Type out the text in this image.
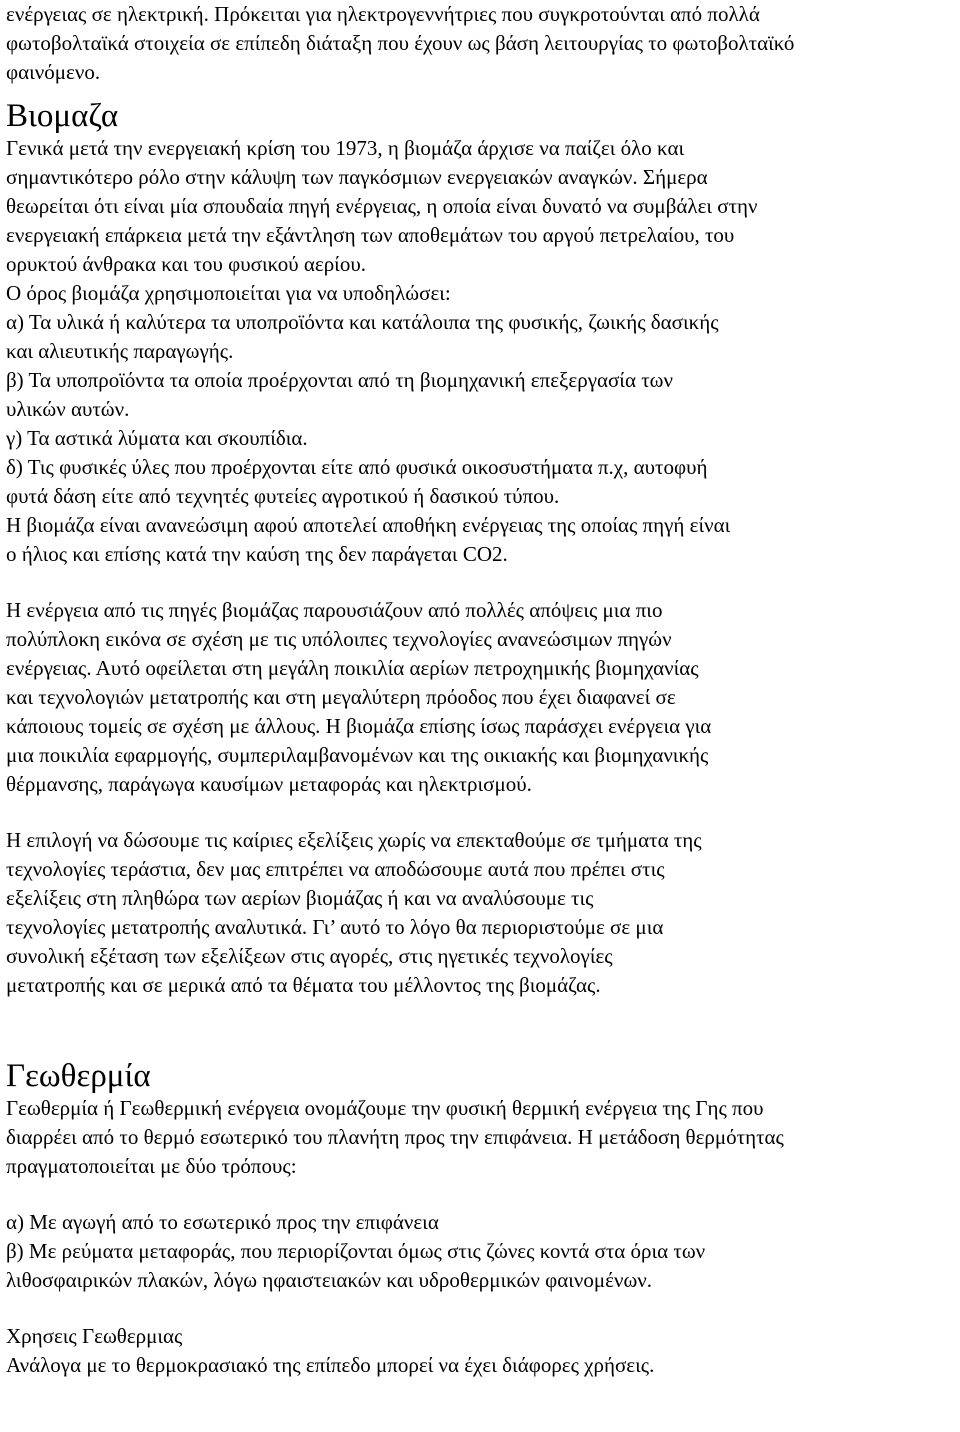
ενέργειας σε ηλεκτρική. Πρόκειται για ηλεκτρογεννήτριες που συγκροτούνται από πολλά
φωτοβολταϊκά στοιχεία σε επίπεδη διάταξη που έχουν ως βάση λειτουργίας το φωτοβολταϊκό
φαινόμενο.
Βιομαζα
Γενικά μετά την ενεργειακή κρίση του 1973, η βιομάζα άρχισε να παίζει όλο και
σημαντικότερο ρόλο στην κάλυψη των παγκόσμιων ενεργειακών αναγκών. Σήμερα
θεωρείται ότι είναι μία σπουδαία πηγή ενέργειας, η οποία είναι δυνατό να συμβάλει στην
ενεργειακή επάρκεια μετά την εξάντληση των αποθεμάτων του αργού πετρελαίου, του
ορυκτού άνθρακα και του φυσικού αερίου.
Ο όρος βιομάζα χρησιμοποιείται για να υποδηλώσει:
α) Τα υλικά ή καλύτερα τα υποπροϊόντα και κατάλοιπα της φυσικής, ζωικής δασικής
και αλιευτικής παραγωγής.
β) Τα υποπροϊόντα τα οποία προέρχονται από τη βιομηχανική επεξεργασία των
υλικών αυτών.
γ) Τα αστικά λύματα και σκουπίδια.
δ) Τις φυσικές ύλες που προέρχονται είτε από φυσικά οικοσυστήματα π.χ, αυτοφυή
φυτά δάση είτε από τεχνητές φυτείες αγροτικού ή δασικού τύπου.
Η βιομάζα είναι ανανεώσιμη αφού αποτελεί αποθήκη ενέργειας της οποίας πηγή είναι
ο ήλιος και επίσης κατά την καύση της δεν παράγεται CO2.
Η ενέργεια από τις πηγές βιομάζας παρουσιάζουν από πολλές απόψεις μια πιο
πολύπλοκη εικόνα σε σχέση με τις υπόλοιπες τεχνολογίες ανανεώσιμων πηγών
ενέργειας. Αυτό οφείλεται στη μεγάλη ποικιλία αερίων πετροχημικής βιομηχανίας
και τεχνολογιών μετατροπής και στη μεγαλύτερη πρόοδος που έχει διαφανεί σε
κάποιους τομείς σε σχέση με άλλους. Η βιομάζα επίσης ίσως παράσχει ενέργεια για
μια ποικιλία εφαρμογής, συμπεριλαμβανομένων και της οικιακής και βιομηχανικής
θέρμανσης, παράγωγα καυσίμων μεταφοράς και ηλεκτρισμού.
Η επιλογή να δώσουμε τις καίριες εξελίξεις χωρίς να επεκταθούμε σε τμήματα της
τεχνολογίες τεράστια, δεν μας επιτρέπει να αποδώσουμε αυτά που πρέπει στις
εξελίξεις στη πληθώρα των αερίων βιομάζας ή και να αναλύσουμε τις
τεχνολογίες μετατροπής αναλυτικά. Γι’ αυτό το λόγο θα περιοριστούμε σε μια
συνολική εξέταση των εξελίξεων στις αγορές, στις ηγετικές τεχνολογίες
μετατροπής και σε μερικά από τα θέματα του μέλλοντος της βιομάζας.
Γεωθερμία
Γεωθερμία ή Γεωθερμική ενέργεια ονομάζουμε την φυσική θερμική ενέργεια της Γης που
διαρρέει από το θερμό εσωτερικό του πλανήτη προς την επιφάνεια. Η μετάδοση θερμότητας
πραγματοποιείται με δύο τρόπους:
α) Με αγωγή από το εσωτερικό προς την επιφάνεια
β) Με ρεύματα μεταφοράς, που περιορίζονται όμως στις ζώνες κοντά στα όρια των
λιθοσφαιρικών πλακών, λόγω ηφαιστειακών και υδροθερμικών φαινομένων.
Χρησεις Γεωθερμιας
Ανάλογα με το θερμοκρασιακό της επίπεδο μπορεί να έχει διάφορες χρήσεις.
